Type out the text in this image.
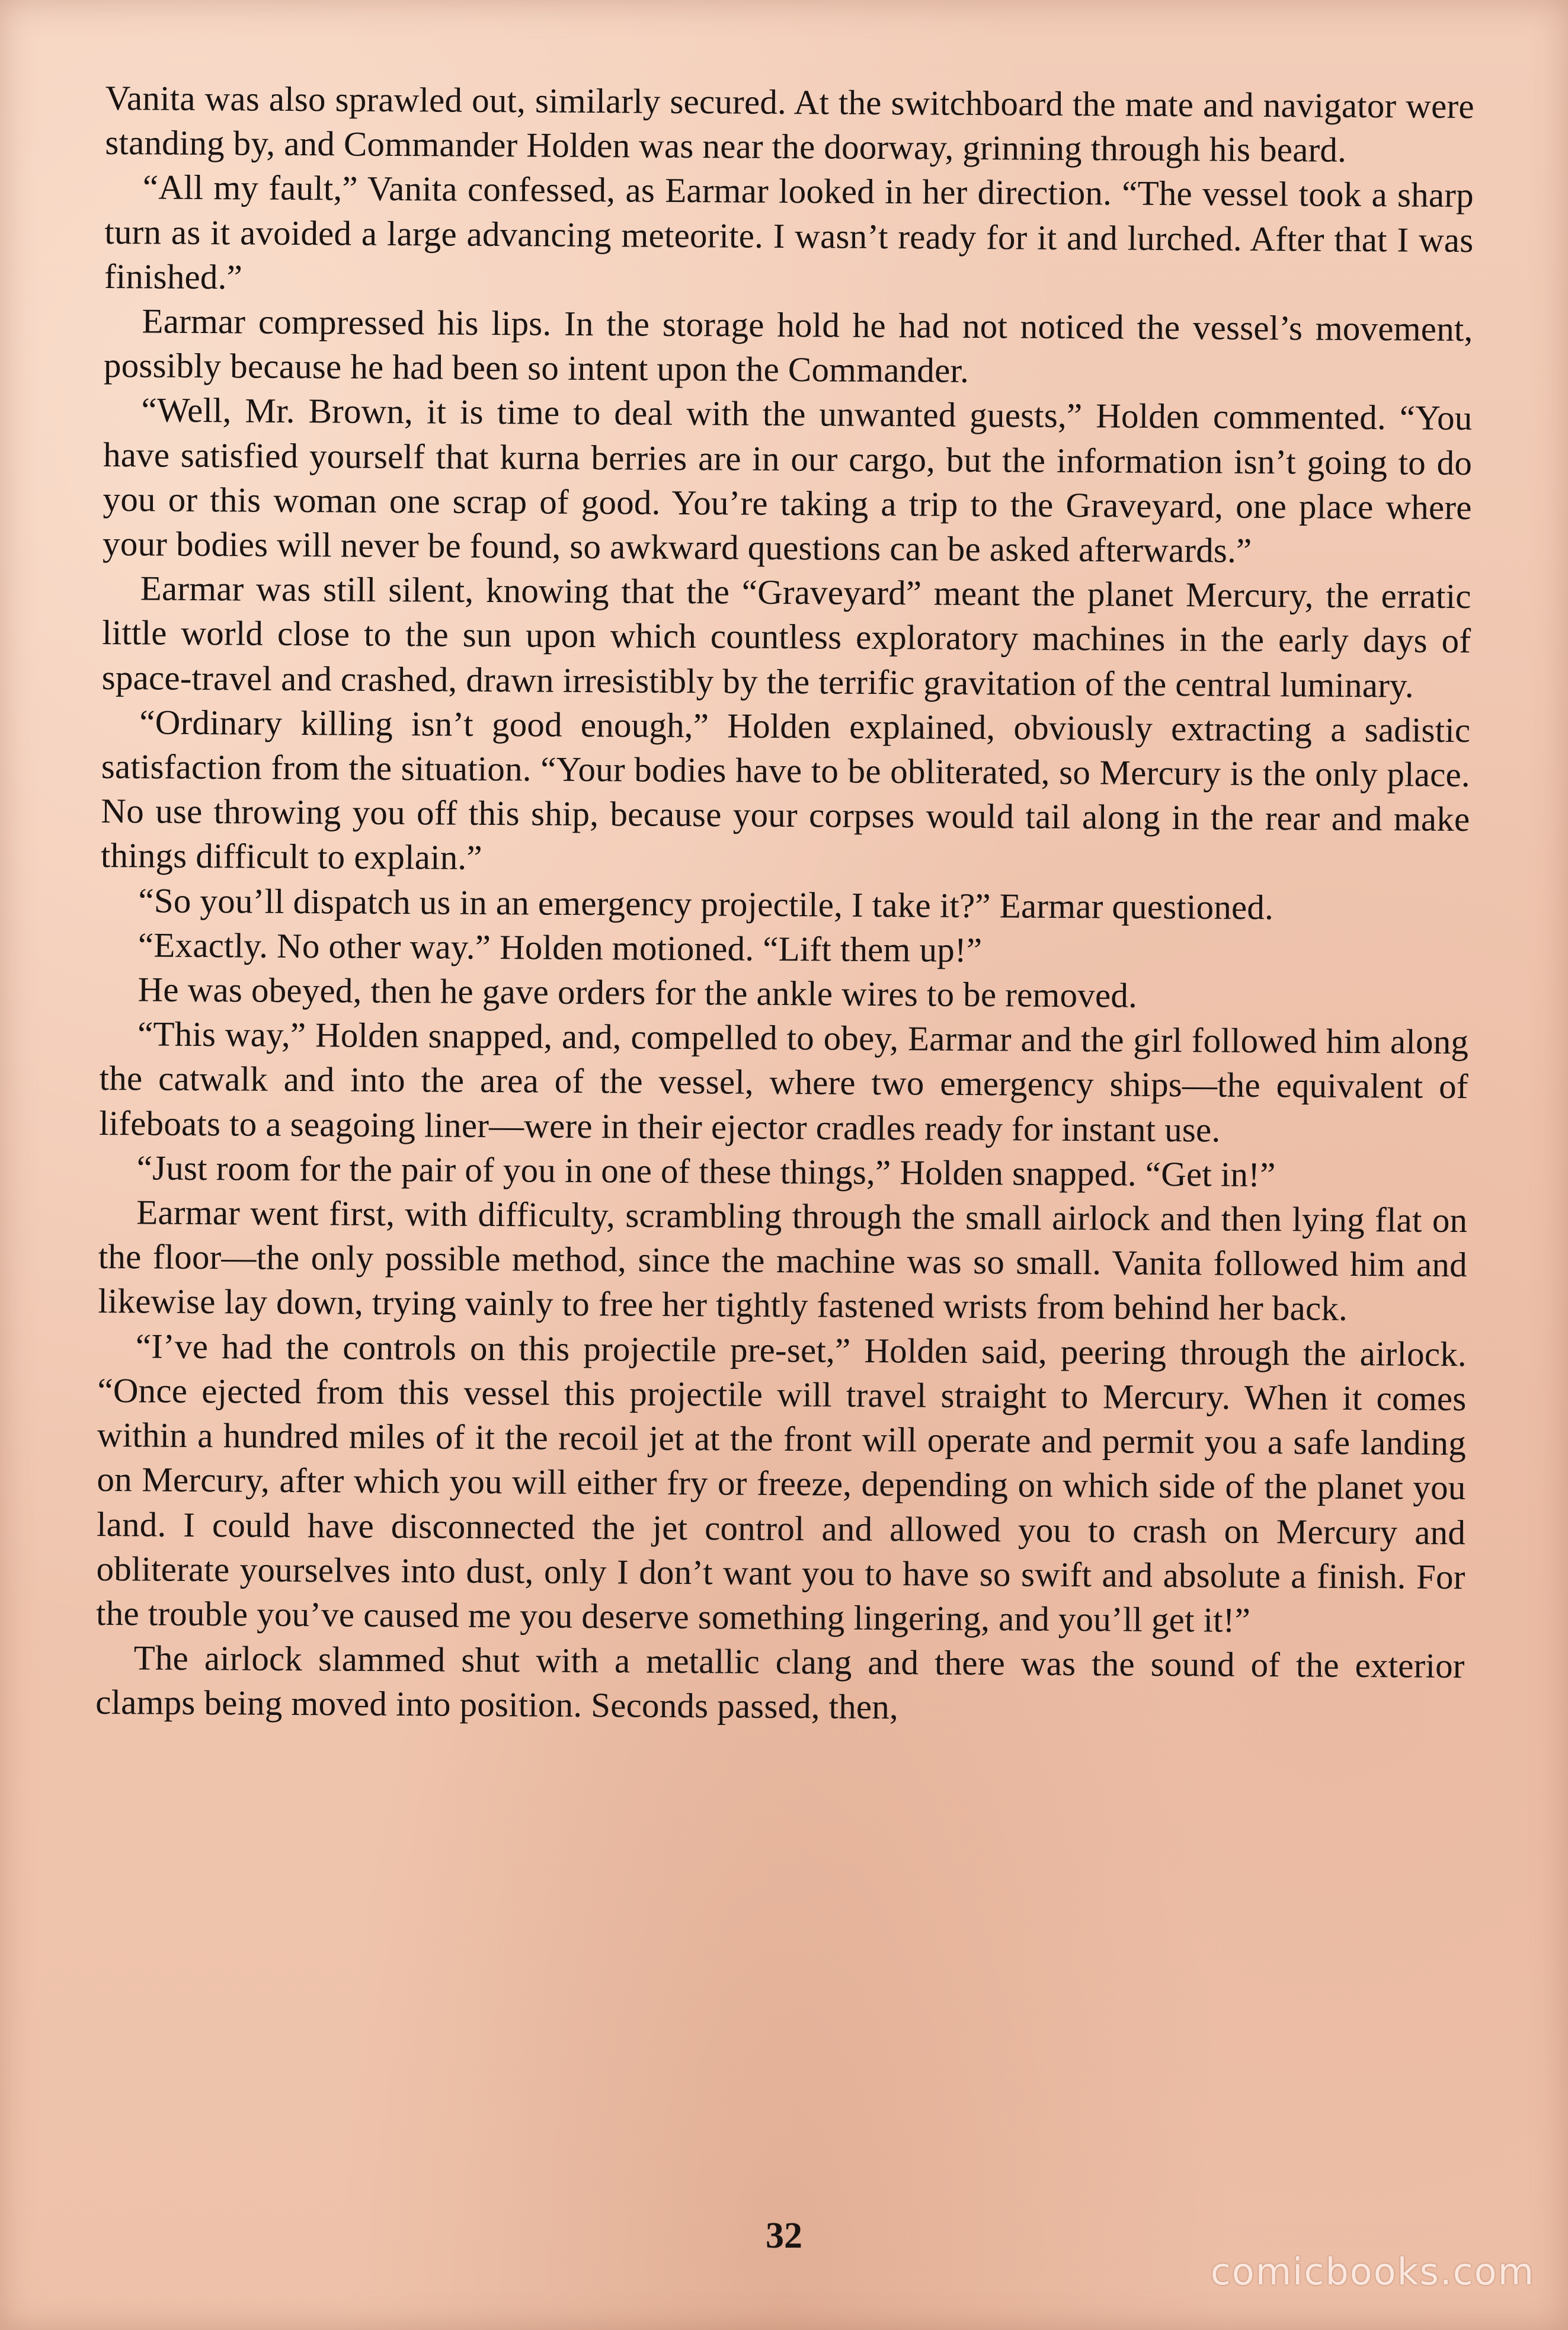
Vanita was also sprawled out, similarly secured. At the switchboard the mate and navigator were standing by, and Commander Holden was near the doorway, grinning through his beard.

“All my fault,” Vanita confessed, as Earmar looked in her direction. “The vessel took a sharp turn as it avoided a large advancing meteorite. I wasn’t ready for it and lurched. After that I was finished.”

Earmar compressed his lips. In the storage hold he had not noticed the vessel’s movement, possibly because he had been so intent upon the Commander.

“Well, Mr. Brown, it is time to deal with the unwanted guests,” Holden commented. “You have satisfied yourself that kurna berries are in our cargo, but the information isn’t going to do you or this woman one scrap of good. You’re taking a trip to the Graveyard, one place where your bodies will never be found, so awkward questions can be asked afterwards.”

Earmar was still silent, knowing that the “Graveyard” meant the planet Mercury, the erratic little world close to the sun upon which countless exploratory machines in the early days of space-travel and crashed, drawn irresistibly by the terrific gravitation of the central luminary.

“Ordinary killing isn’t good enough,” Holden explained, obviously extracting a sadistic satisfaction from the situation. “Your bodies have to be obliterated, so Mercury is the only place. No use throwing you off this ship, because your corpses would tail along in the rear and make things difficult to explain.”

“So you’ll dispatch us in an emergency projectile, I take it?” Earmar questioned.

“Exactly. No other way.” Holden motioned. “Lift them up!”

He was obeyed, then he gave orders for the ankle wires to be removed.

“This way,” Holden snapped, and, compelled to obey, Earmar and the girl followed him along the catwalk and into the area of the vessel, where two emergency ships—the equivalent of lifeboats to a seagoing liner—were in their ejector cradles ready for instant use.

“Just room for the pair of you in one of these things,” Holden snapped. “Get in!”

Earmar went first, with difficulty, scrambling through the small airlock and then lying flat on the floor—the only possible method, since the machine was so small. Vanita followed him and likewise lay down, trying vainly to free her tightly fastened wrists from behind her back.

“I’ve had the controls on this projectile pre-set,” Holden said, peering through the airlock. “Once ejected from this vessel this projectile will travel straight to Mercury. When it comes within a hundred miles of it the recoil jet at the front will operate and permit you a safe landing on Mercury, after which you will either fry or freeze, depending on which side of the planet you land. I could have disconnected the jet control and allowed you to crash on Mercury and obliterate yourselves into dust, only I don’t want you to have so swift and absolute a finish. For the trouble you’ve caused me you deserve something lingering, and you’ll get it!”

The airlock slammed shut with a metallic clang and there was the sound of the exterior clamps being moved into position. Seconds passed, then,

32
comicbooks.com
